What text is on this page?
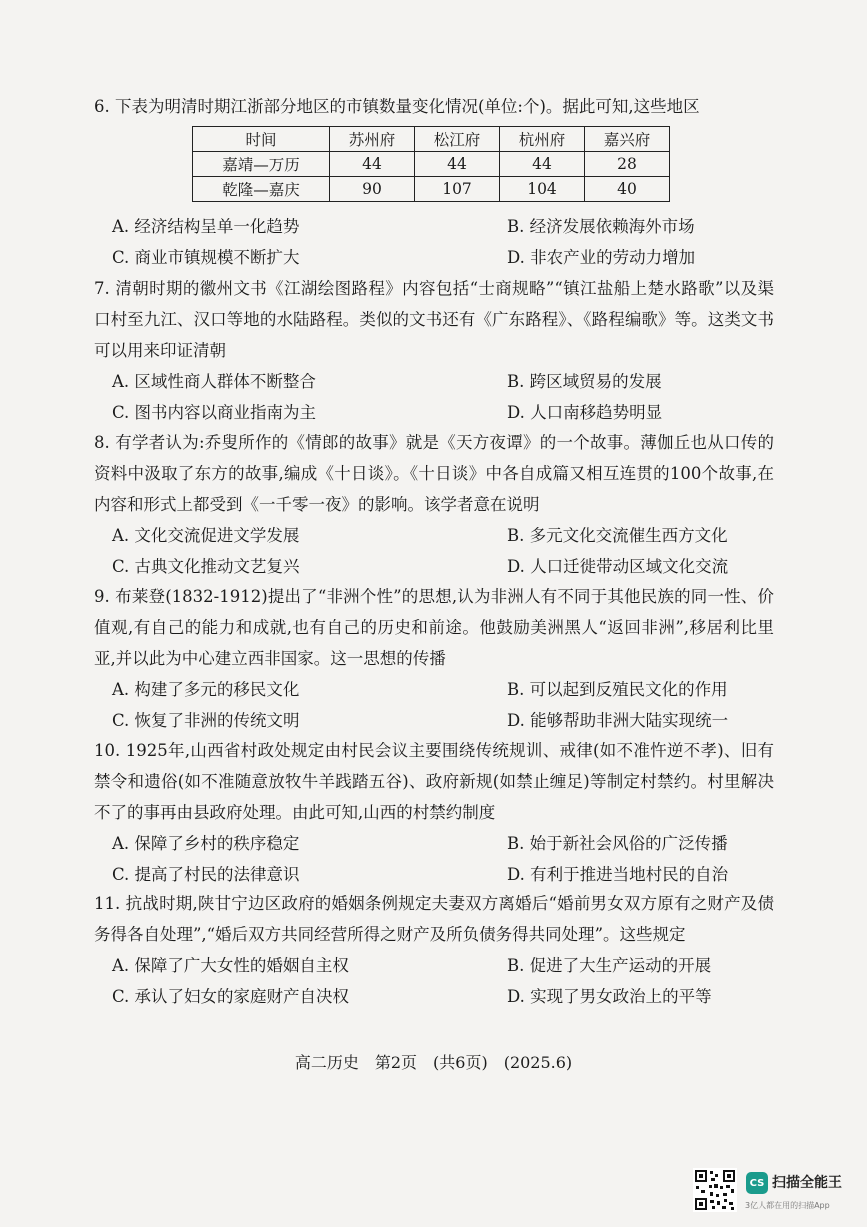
6. 下表为明清时期江浙部分地区的市镇数量变化情况(单位:个)。据此可知,这些地区
时间	苏州府	松江府	杭州府	嘉兴府
嘉靖—万历	44	44	44	28
乾隆—嘉庆	90	107	104	40
A. 经济结构呈单一化趋势	B. 经济发展依赖海外市场
C. 商业市镇规模不断扩大	D. 非农产业的劳动力增加
7. 清朝时期的徽州文书《江湖绘图路程》内容包括“士商规略”“镇江盐船上楚水路歌”以及渠口村至九江、汉口等地的水陆路程。类似的文书还有《广东路程》、《路程编歌》等。这类文书可以用来印证清朝
A. 区域性商人群体不断整合	B. 跨区域贸易的发展
C. 图书内容以商业指南为主	D. 人口南移趋势明显
8. 有学者认为:乔叟所作的《情郎的故事》就是《天方夜谭》的一个故事。薄伽丘也从口传的资料中汲取了东方的故事,编成《十日谈》。《十日谈》中各自成篇又相互连贯的100个故事,在内容和形式上都受到《一千零一夜》的影响。该学者意在说明
A. 文化交流促进文学发展	B. 多元文化交流催生西方文化
C. 古典文化推动文艺复兴	D. 人口迁徙带动区域文化交流
9. 布莱登(1832-1912)提出了“非洲个性”的思想,认为非洲人有不同于其他民族的同一性、价值观,有自己的能力和成就,也有自己的历史和前途。他鼓励美洲黑人“返回非洲”,移居利比里亚,并以此为中心建立西非国家。这一思想的传播
A. 构建了多元的移民文化	B. 可以起到反殖民文化的作用
C. 恢复了非洲的传统文明	D. 能够帮助非洲大陆实现统一
10. 1925年,山西省村政处规定由村民会议主要围绕传统规训、戒律(如不准忤逆不孝)、旧有禁令和遗俗(如不准随意放牧牛羊践踏五谷)、政府新规(如禁止缠足)等制定村禁约。村里解决不了的事再由县政府处理。由此可知,山西的村禁约制度
A. 保障了乡村的秩序稳定	B. 始于新社会风俗的广泛传播
C. 提高了村民的法律意识	D. 有利于推进当地村民的自治
11. 抗战时期,陕甘宁边区政府的婚姻条例规定夫妻双方离婚后“婚前男女双方原有之财产及债务得各自处理”,“婚后双方共同经营所得之财产及所负债务得共同处理”。这些规定
A. 保障了广大女性的婚姻自主权	B. 促进了大生产运动的开展
C. 承认了妇女的家庭财产自决权	D. 实现了男女政治上的平等
高二历史 第2页 (共6页) (2025.6)
CS 扫描全能王
3亿人都在用的扫描App
